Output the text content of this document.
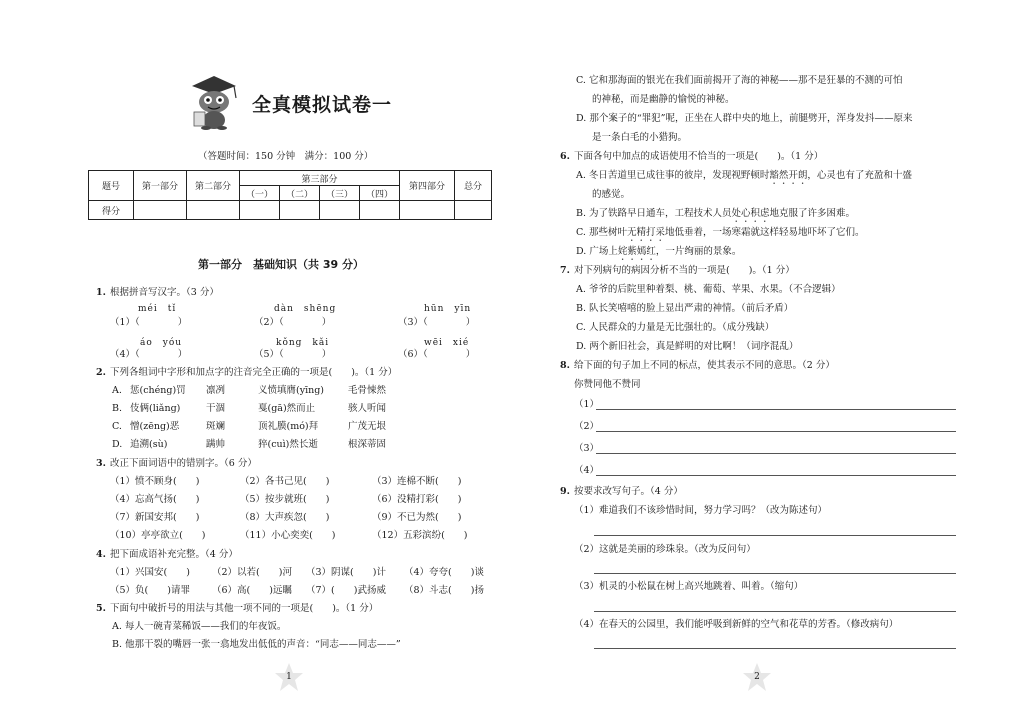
全真模拟试卷一
（答题时间：150 分钟　满分：100 分）
题号	第一部分	第二部分	第三部分				第四部分	总分
			（一）	（二）	（三）	（四）		
得分								
第一部分　基础知识（共 39 分）
1. 根据拼音写汉字。（3 分）
méi　tǐ	dàn　shēng	hūn　yīn
（1）（　　　　）	（2）（　　　　）	（3）（　　　　）
áo　yóu	kǒng　kǎi	wēi　xié
（4）（　　　　）	（5）（　　　　）	（6）（　　　　）
2. 下列各组词中字形和加点字的注音完全正确的一项是(　　)。（1 分）
3. 改正下面词语中的错别字。（6 分）
4. 把下面成语补充完整。（4 分）
5. 下面句中破折号的用法与其他一项不同的一项是(　　)。（1 分）
A. 每人一碗青菜稀饭——我们的年夜饭。
B. 他那干裂的嘴唇一张一翕地发出低低的声音：“同志——同志——”
1
A. 惩(chéng)罚 凛冽	义愤填膺(yīng)	毛骨悚然
B. 伎俩(liǎng)	干涸	戛(gā)然而止	骇人听闻
C. 憎(zēng)恶	斑斓	顶礼膜(mó)拜	广茂无垠
D. 追溯(sù)	蹒帅	猝(cuì)然长逝	根深蒂固
（1）愤不顾身(　　)	（2）各书己见(　　)	（3）连棉不断(　　)
（4）忘高气扬(　　)	（5）按步就班(　　)	（6）没精打彩(　　)
（7）新国安邦(　　)	（8）大声疾忽(　　)	（9）不已为然(　　)
（10）亭亭欲立(　　)	（11）小心奕奕(　　)	（12）五彩滨纷(　　)
（1）兴国安(　　) （2）以若(　　)河 （3）阴谋(　　)计 （4）夸夸(　　)谈
（5）负(　　)请罪 （6）高(　　)远瞩 （7）(　　)武扬威 （8）斗志(　　)扬
C. 它和那海面的银光在我们面前揭开了海的神秘——那不是狂暴的不测的可怕
的神秘，而是幽静的愉悦的神秘。
D. 那个案子的“罪犯”呢，正坐在人群中央的地上，前腿劈开，浑身发抖——原来
是一条白毛的小猎狗。
6. 下面各句中加点的成语使用不恰当的一项是(　　)。（1 分）
A. 冬日苦道里已成往事的彼岸，发现视野顿时豁然开朗，心灵也有了充盈和十盛
的感觉。
B. 为了铁路早日通车，工程技术人员处心积虑地克服了许多困难。
C. 那些树叶无精打采地低垂着，一场寒霜就这样轻易地吓坏了它们。
D. 广场上姹紫嫣红，一片绚丽的景象。
7. 对下列病句的病因分析不当的一项是(　　)。（1 分）
A. 爷爷的后院里种着梨、桃、葡萄、苹果、水果。（不合逻辑）
B. 队长笑嘻嘻的脸上显出严肃的神情。（前后矛盾）
C. 人民群众的力量是无比强壮的。（成分残缺）
D. 两个新旧社会，真是鲜明的对比啊！（词序混乱）
8. 给下面的句子加上不同的标点，使其表示不同的意思。（2 分）
你赞同他不赞同
（1）
（2）
（3）
（4）
9. 按要求改写句子。（4 分）
（1）难道我们不该珍惜时间，努力学习吗？（改为陈述句）
（2）这就是美丽的珍珠泉。（改为反问句）
（3）机灵的小松鼠在树上高兴地跳着、叫着。（缩句）
（4）在春天的公园里，我们能呼吸到新鲜的空气和花草的芳香。（修改病句）
2
